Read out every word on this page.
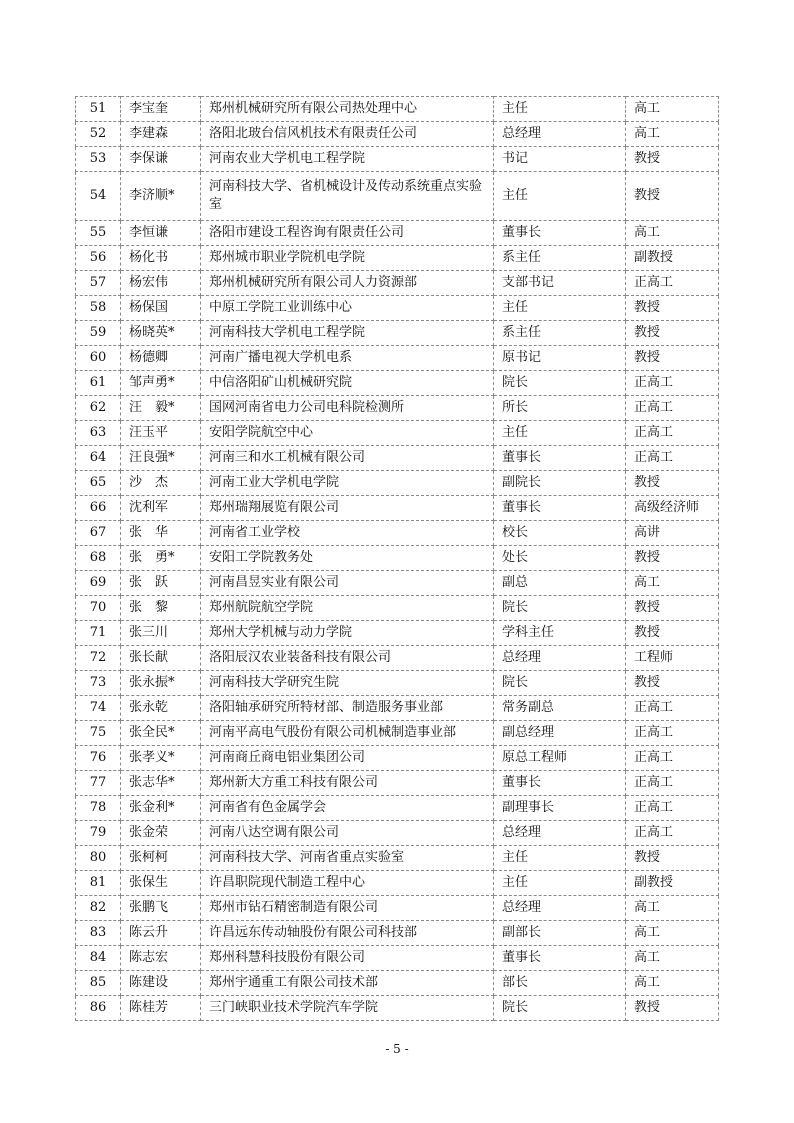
51	李宝奎	郑州机械研究所有限公司热处理中心	主任	高工
52	李建森	洛阳北玻台信风机技术有限责任公司	总经理	高工
53	李保谦	河南农业大学机电工程学院	书记	教授
54	李济顺*	河南科技大学、省机械设计及传动系统重点实验室	主任	教授
55	李恒谦	洛阳市建设工程咨询有限责任公司	董事长	高工
56	杨化书	郑州城市职业学院机电学院	系主任	副教授
57	杨宏伟	郑州机械研究所有限公司人力资源部	支部书记	正高工
58	杨保国	中原工学院工业训练中心	主任	教授
59	杨晓英*	河南科技大学机电工程学院	系主任	教授
60	杨德卿	河南广播电视大学机电系	原书记	教授
61	邹声勇*	中信洛阳矿山机械研究院	院长	正高工
62	汪　毅*	国网河南省电力公司电科院检测所	所长	正高工
63	汪玉平	安阳学院航空中心	主任	正高工
64	汪良强*	河南三和水工机械有限公司	董事长	正高工
65	沙　杰	河南工业大学机电学院	副院长	教授
66	沈利军	郑州瑞翔展览有限公司	董事长	高级经济师
67	张　华	河南省工业学校	校长	高讲
68	张　勇*	安阳工学院教务处	处长	教授
69	张　跃	河南昌昱实业有限公司	副总	高工
70	张　黎	郑州航院航空学院	院长	教授
71	张三川	郑州大学机械与动力学院	学科主任	教授
72	张长献	洛阳辰汉农业装备科技有限公司	总经理	工程师
73	张永振*	河南科技大学研究生院	院长	教授
74	张永乾	洛阳轴承研究所特材部、制造服务事业部	常务副总	正高工
75	张全民*	河南平高电气股份有限公司机械制造事业部	副总经理	正高工
76	张孝义*	河南商丘商电铝业集团公司	原总工程师	正高工
77	张志华*	郑州新大方重工科技有限公司	董事长	正高工
78	张金利*	河南省有色金属学会	副理事长	正高工
79	张金荣	河南八达空调有限公司	总经理	正高工
80	张柯柯	河南科技大学、河南省重点实验室	主任	教授
81	张保生	许昌职院现代制造工程中心	主任	副教授
82	张鹏飞	郑州市钻石精密制造有限公司	总经理	高工
83	陈云升	许昌远东传动轴股份有限公司科技部	副部长	高工
84	陈志宏	郑州科慧科技股份有限公司	董事长	高工
85	陈建设	郑州宇通重工有限公司技术部	部长	高工
86	陈桂芳	三门峡职业技术学院汽车学院	院长	教授
- 5 -
